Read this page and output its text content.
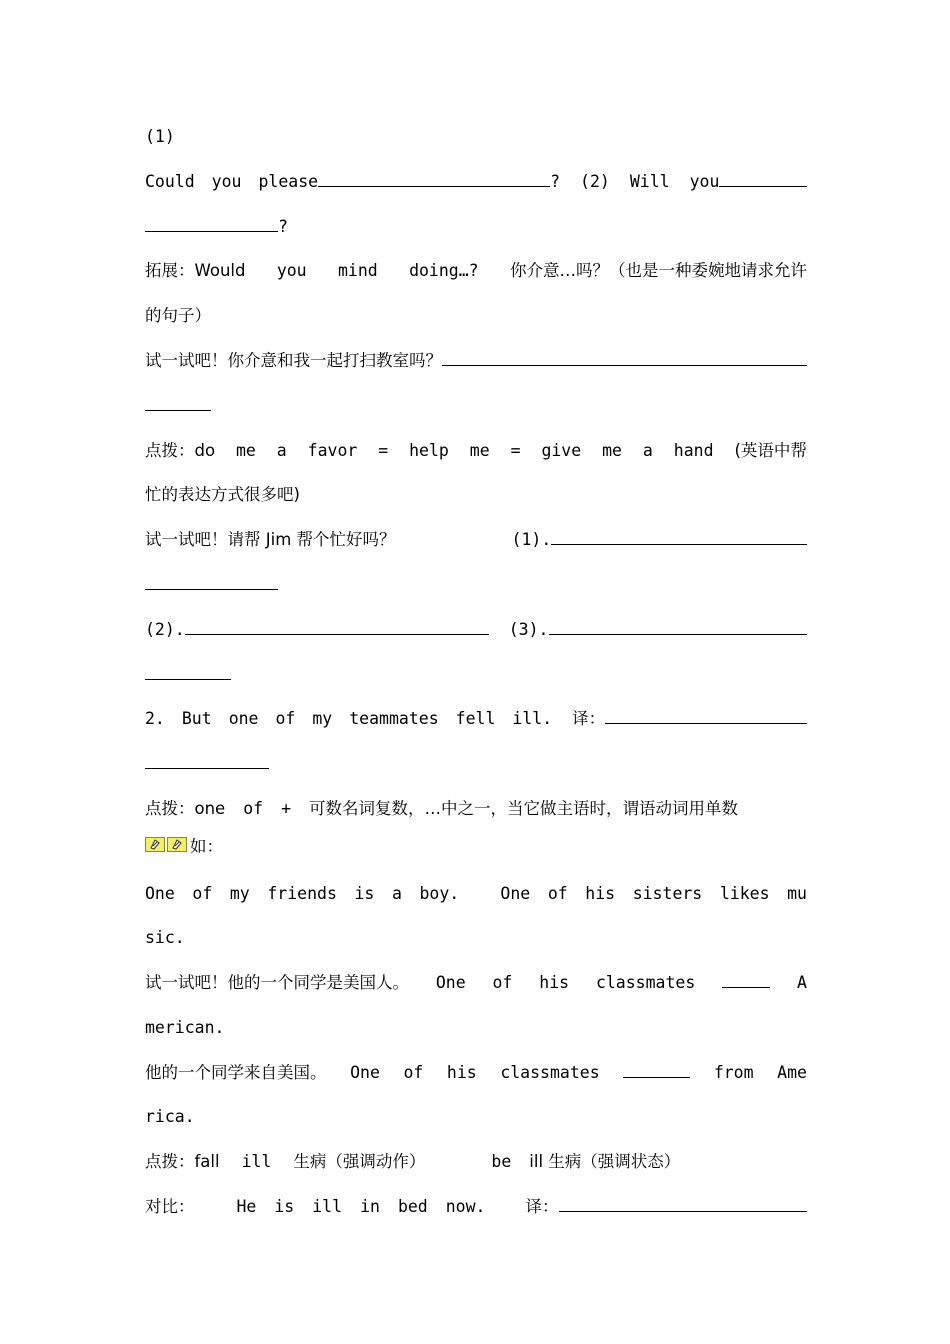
(1)
Could you please	? (2) Will you
?
拓展：Would you mind doing…? 你介意…吗？（也是一种委婉地请求允许
的句子）
试一试吧！你介意和我一起打扫教室吗？
点拨：do me a favor = help me = give me a hand (英语中帮
忙的表达方式很多吧)
试一试吧！请帮 Jim 帮个忙好吗？	(1).
(2).	(3).
2. But one of my teammates fell ill. 译：
点拨：one of + 可数名词复数，…中之一，当它做主语时，谓语动词用单数
如：
One of my friends is a boy. One of his sisters likes mu
sic.
试一试吧！他的一个同学是美国人。 One of his classmates	A
merican.
他的一个同学来自美国。 One of his classmates	from Ame
rica.
点拨：fall ill 生病（强调动作）	be ill 生病（强调状态）
对比：	He is ill in bed now. 译：
